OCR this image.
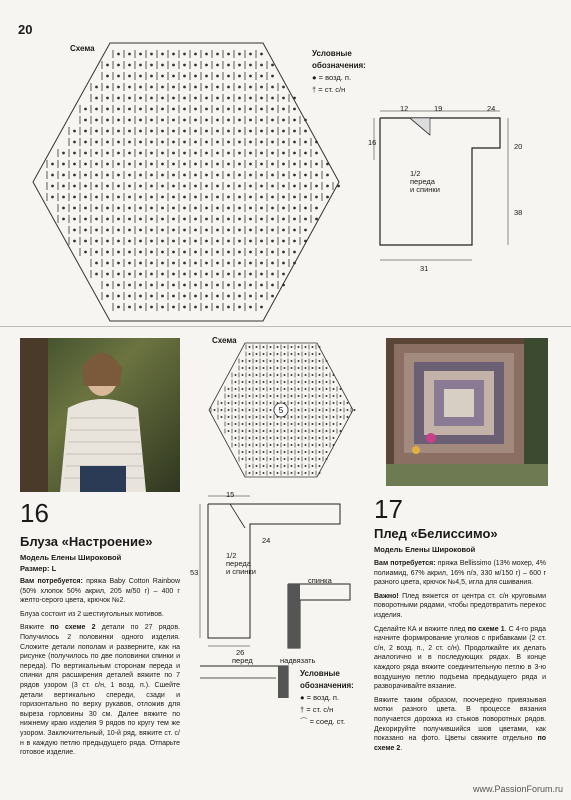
20
Схема
Условные обозначения:
● = возд. п.
† = ст. с/н
12	19	24
16	20
38
31
1/2
переда
и спинки
Схема
5
16
Блуза «Настроение»
Модель Елены Широковой
Размер: L

Вам потребуется: пряжа Baby Cotton Rainbow (50% хлопок 50% акрил, 205 м/50 г) – 400 г желто-серого цвета, крючок №2.

Блуза состоит из 2 шестиугольных мотивов.

Вяжите по схеме 2 детали по 27 рядов. Получилось 2 половинки одного изделия. Сложите детали пополам и разверните, как на рисунке (получилось по две половинки спинки и переда). По вертикальным сторонам переда и спинки для расширения деталей вяжите по 7 рядов узором (3 ст. с/н, 1 возд. п.). Сшейте детали вертикально спереди, сзади и горизонтально по верху рукавов, отложив для выреза горловины 30 см. Далее вяжите по нижнему краю изделия 9 рядов по кругу тем же узором. Заключительный, 10-й ряд, вяжите ст. с/н в каждую петлю предыдущего ряда. Отпарьте готовое изделие.

15
24
53
26
1/2
переда
и спинки
спинка
перед	надвязать
Условные обозначения:
● = возд. п.
† = ст. с/н
⌒ = соед. ст.
17
Плед «Белиссимо»
Модель Елены Широковой

Вам потребуется: пряжа Bellissimo (13% мохер, 4% полиамид, 67% акрил, 16% п/э, 330 м/150 г) – 600 г разного цвета, крючок №4,5, игла для сшивания.

Важно! Плед вяжется от центра ст. с/н круговыми поворотными рядами, чтобы предотвратить перекос изделия.

Сделайте КА и вяжите плед по схеме 1. С 4-го ряда начните формирование уголков с прибавками (2 ст. с/н, 2 возд. п., 2 ст. с/н). Продолжайте их делать аналогично и в последующих рядах. В конце каждого ряда вяжите соединительную петлю в 3-ю воздушную петлю подъема предыдущего ряда и разворачивайте вязание.

Вяжите таким образом, поочередно привязывая мотки разного цвета. В процессе вязания получается дорожка из стыков поворотных рядов. Декорируйте получившийся шов цветами, как показано на фото. Цветы свяжите отдельно по схеме 2.

www.PassionForum.ru
